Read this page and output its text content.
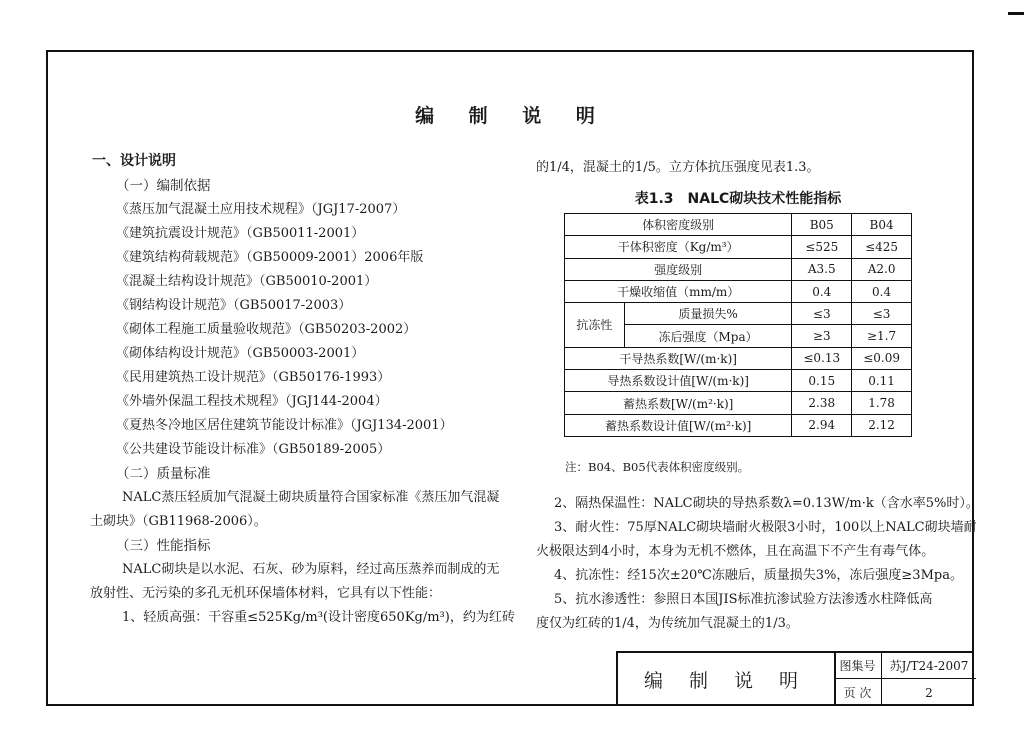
编 制 说 明
一、设计说明
（一）编制依据
《蒸压加气混凝土应用技术规程》（JGJ17-2007）
《建筑抗震设计规范》（GB50011-2001）
《建筑结构荷载规范》（GB50009-2001）2006年版
《混凝土结构设计规范》（GB50010-2001）
《钢结构设计规范》（GB50017-2003）
《砌体工程施工质量验收规范》（GB50203-2002）
《砌体结构设计规范》（GB50003-2001）
《民用建筑热工设计规范》（GB50176-1993）
《外墙外保温工程技术规程》（JGJ144-2004）
《夏热冬冷地区居住建筑节能设计标准》（JGJ134-2001）
《公共建设节能设计标准》（GB50189-2005）
（二）质量标准
NALC蒸压轻质加气混凝土砌块质量符合国家标准《蒸压加气混凝
土砌块》（GB11968-2006）。
（三）性能指标
NALC砌块是以水泥、石灰、砂为原料，经过高压蒸养而制成的无
放射性、无污染的多孔无机环保墙体材料，它具有以下性能：
1、轻质高强：干容重≤525Kg/m³(设计密度650Kg/m³)，约为红砖
的1/4，混凝土的1/5。立方体抗压强度见表1.3。
表1.3　NALC砌块技术性能指标
体积密度级别		B05	B04
干体积密度（Kg/m³）		≤525	≤425
强度级别		A3.5	A2.0
干燥收缩值（mm/m）		0.4	0.4
抗冻性	质量损失%	≤3	≤3
	冻后强度（Mpa）	≥3	≥1.7
干导热系数[W/(m·k)]		≤0.13	≤0.09
导热系数设计值[W/(m·k)]		0.15	0.11
蓄热系数[W/(m²·k)]		2.38	1.78
蓄热系数设计值[W/(m²·k)]		2.94	2.12
注：B04、B05代表体积密度级别。
2、隔热保温性：NALC砌块的导热系数λ=0.13W/m·k（含水率5%时）。
3、耐火性：75厚NALC砌块墙耐火极限3小时，100以上NALC砌块墙耐
火极限达到4小时，本身为无机不燃体，且在高温下不产生有毒气体。
4、抗冻性：经15次±20℃冻融后，质量损失3%，冻后强度≥3Mpa。
5、抗水渗透性：参照日本国JIS标准抗渗试验方法渗透水柱降低高
度仅为红砖的1/4，为传统加气混凝土的1/3。
编 制 说 明
图集号	苏J/T24-2007
页 次	2
